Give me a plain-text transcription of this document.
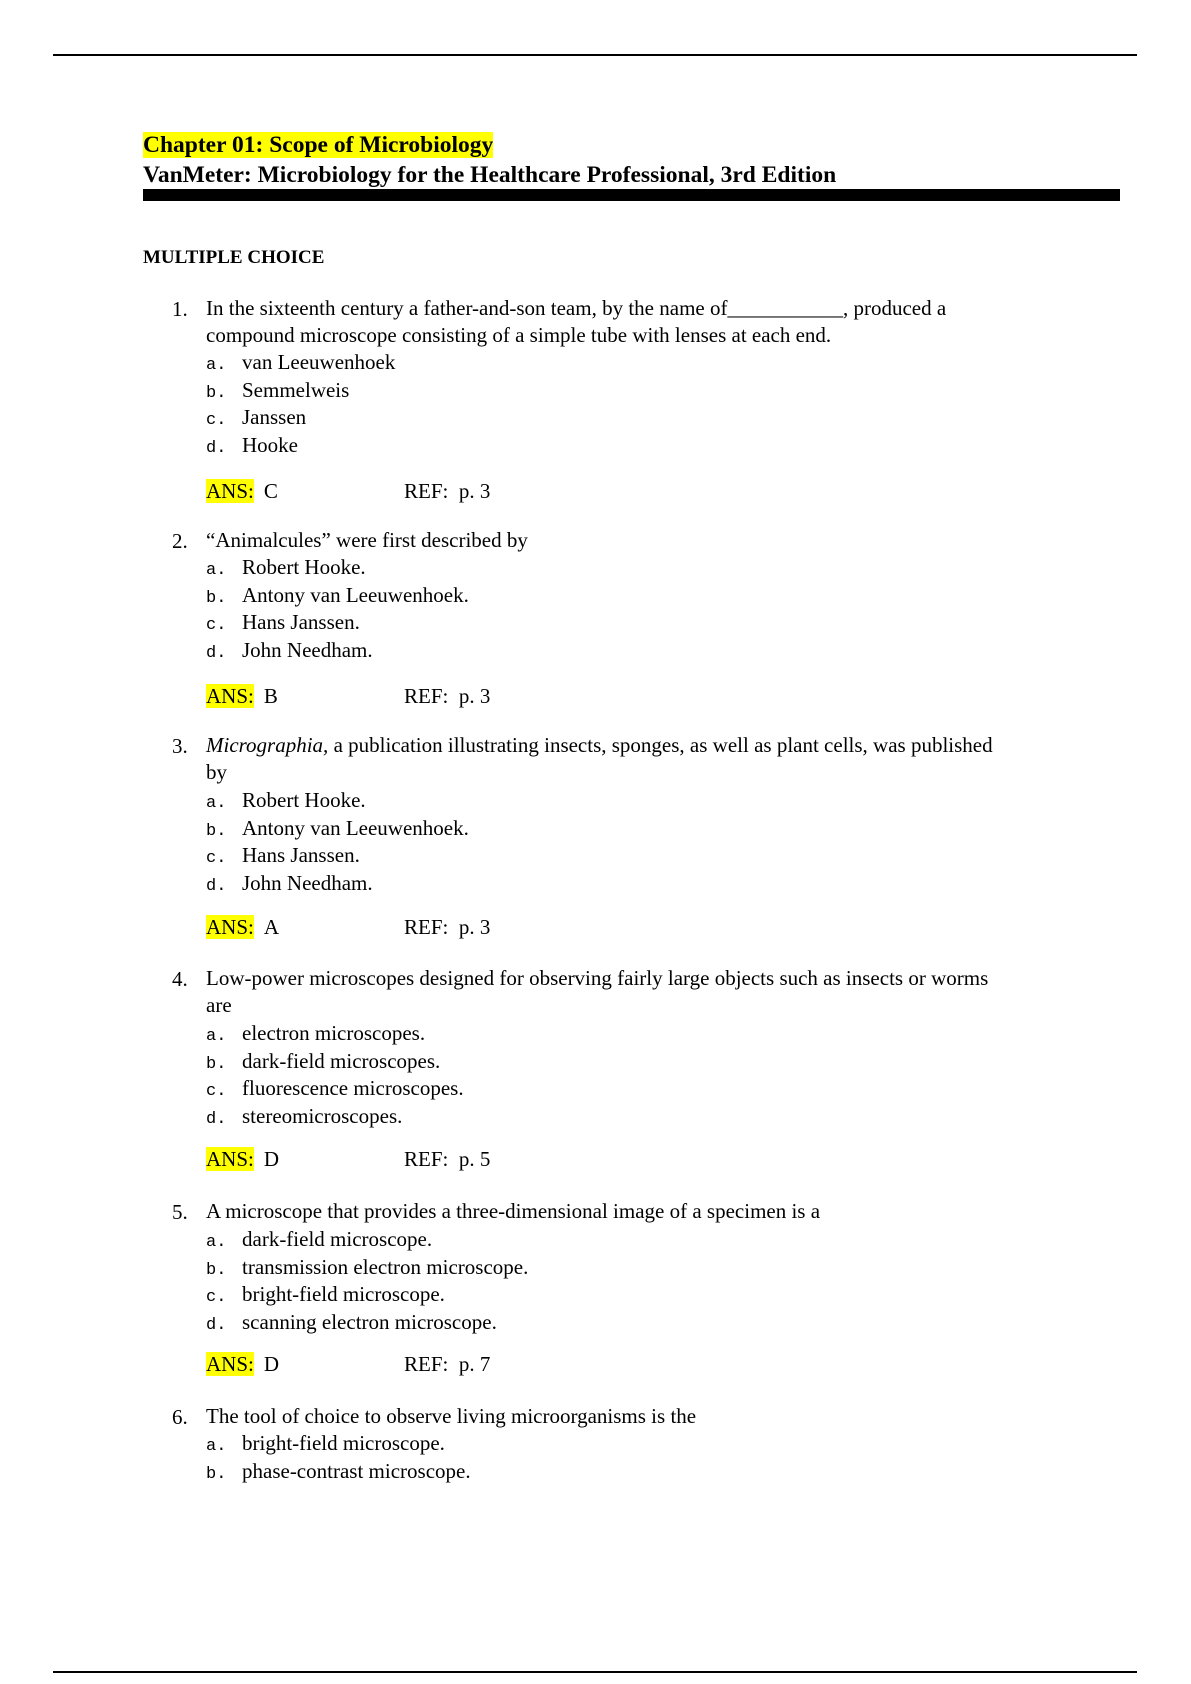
Chapter 01: Scope of Microbiology
VanMeter: Microbiology for the Healthcare Professional, 3rd Edition
MULTIPLE CHOICE
1. In the sixteenth century a father-and-son team, by the name of___________, produced a
compound microscope consisting of a simple tube with lenses at each end.
a. van Leeuwenhoek
b. Semmelweis
c. Janssen
d. Hooke
ANS: C	REF: p. 3
2. “Animalcules” were first described by
a. Robert Hooke.
b. Antony van Leeuwenhoek.
c. Hans Janssen.
d. John Needham.
ANS: B	REF: p. 3
3. Micrographia, a publication illustrating insects, sponges, as well as plant cells, was published
by
a. Robert Hooke.
b. Antony van Leeuwenhoek.
c. Hans Janssen.
d. John Needham.
ANS: A	REF: p. 3
4. Low-power microscopes designed for observing fairly large objects such as insects or worms
are
a. electron microscopes.
b. dark-field microscopes.
c. fluorescence microscopes.
d. stereomicroscopes.
ANS: D	REF: p. 5
5. A microscope that provides a three-dimensional image of a specimen is a
a. dark-field microscope.
b. transmission electron microscope.
c. bright-field microscope.
d. scanning electron microscope.
ANS: D	REF: p. 7
6. The tool of choice to observe living microorganisms is the
a. bright-field microscope.
b. phase-contrast microscope.
